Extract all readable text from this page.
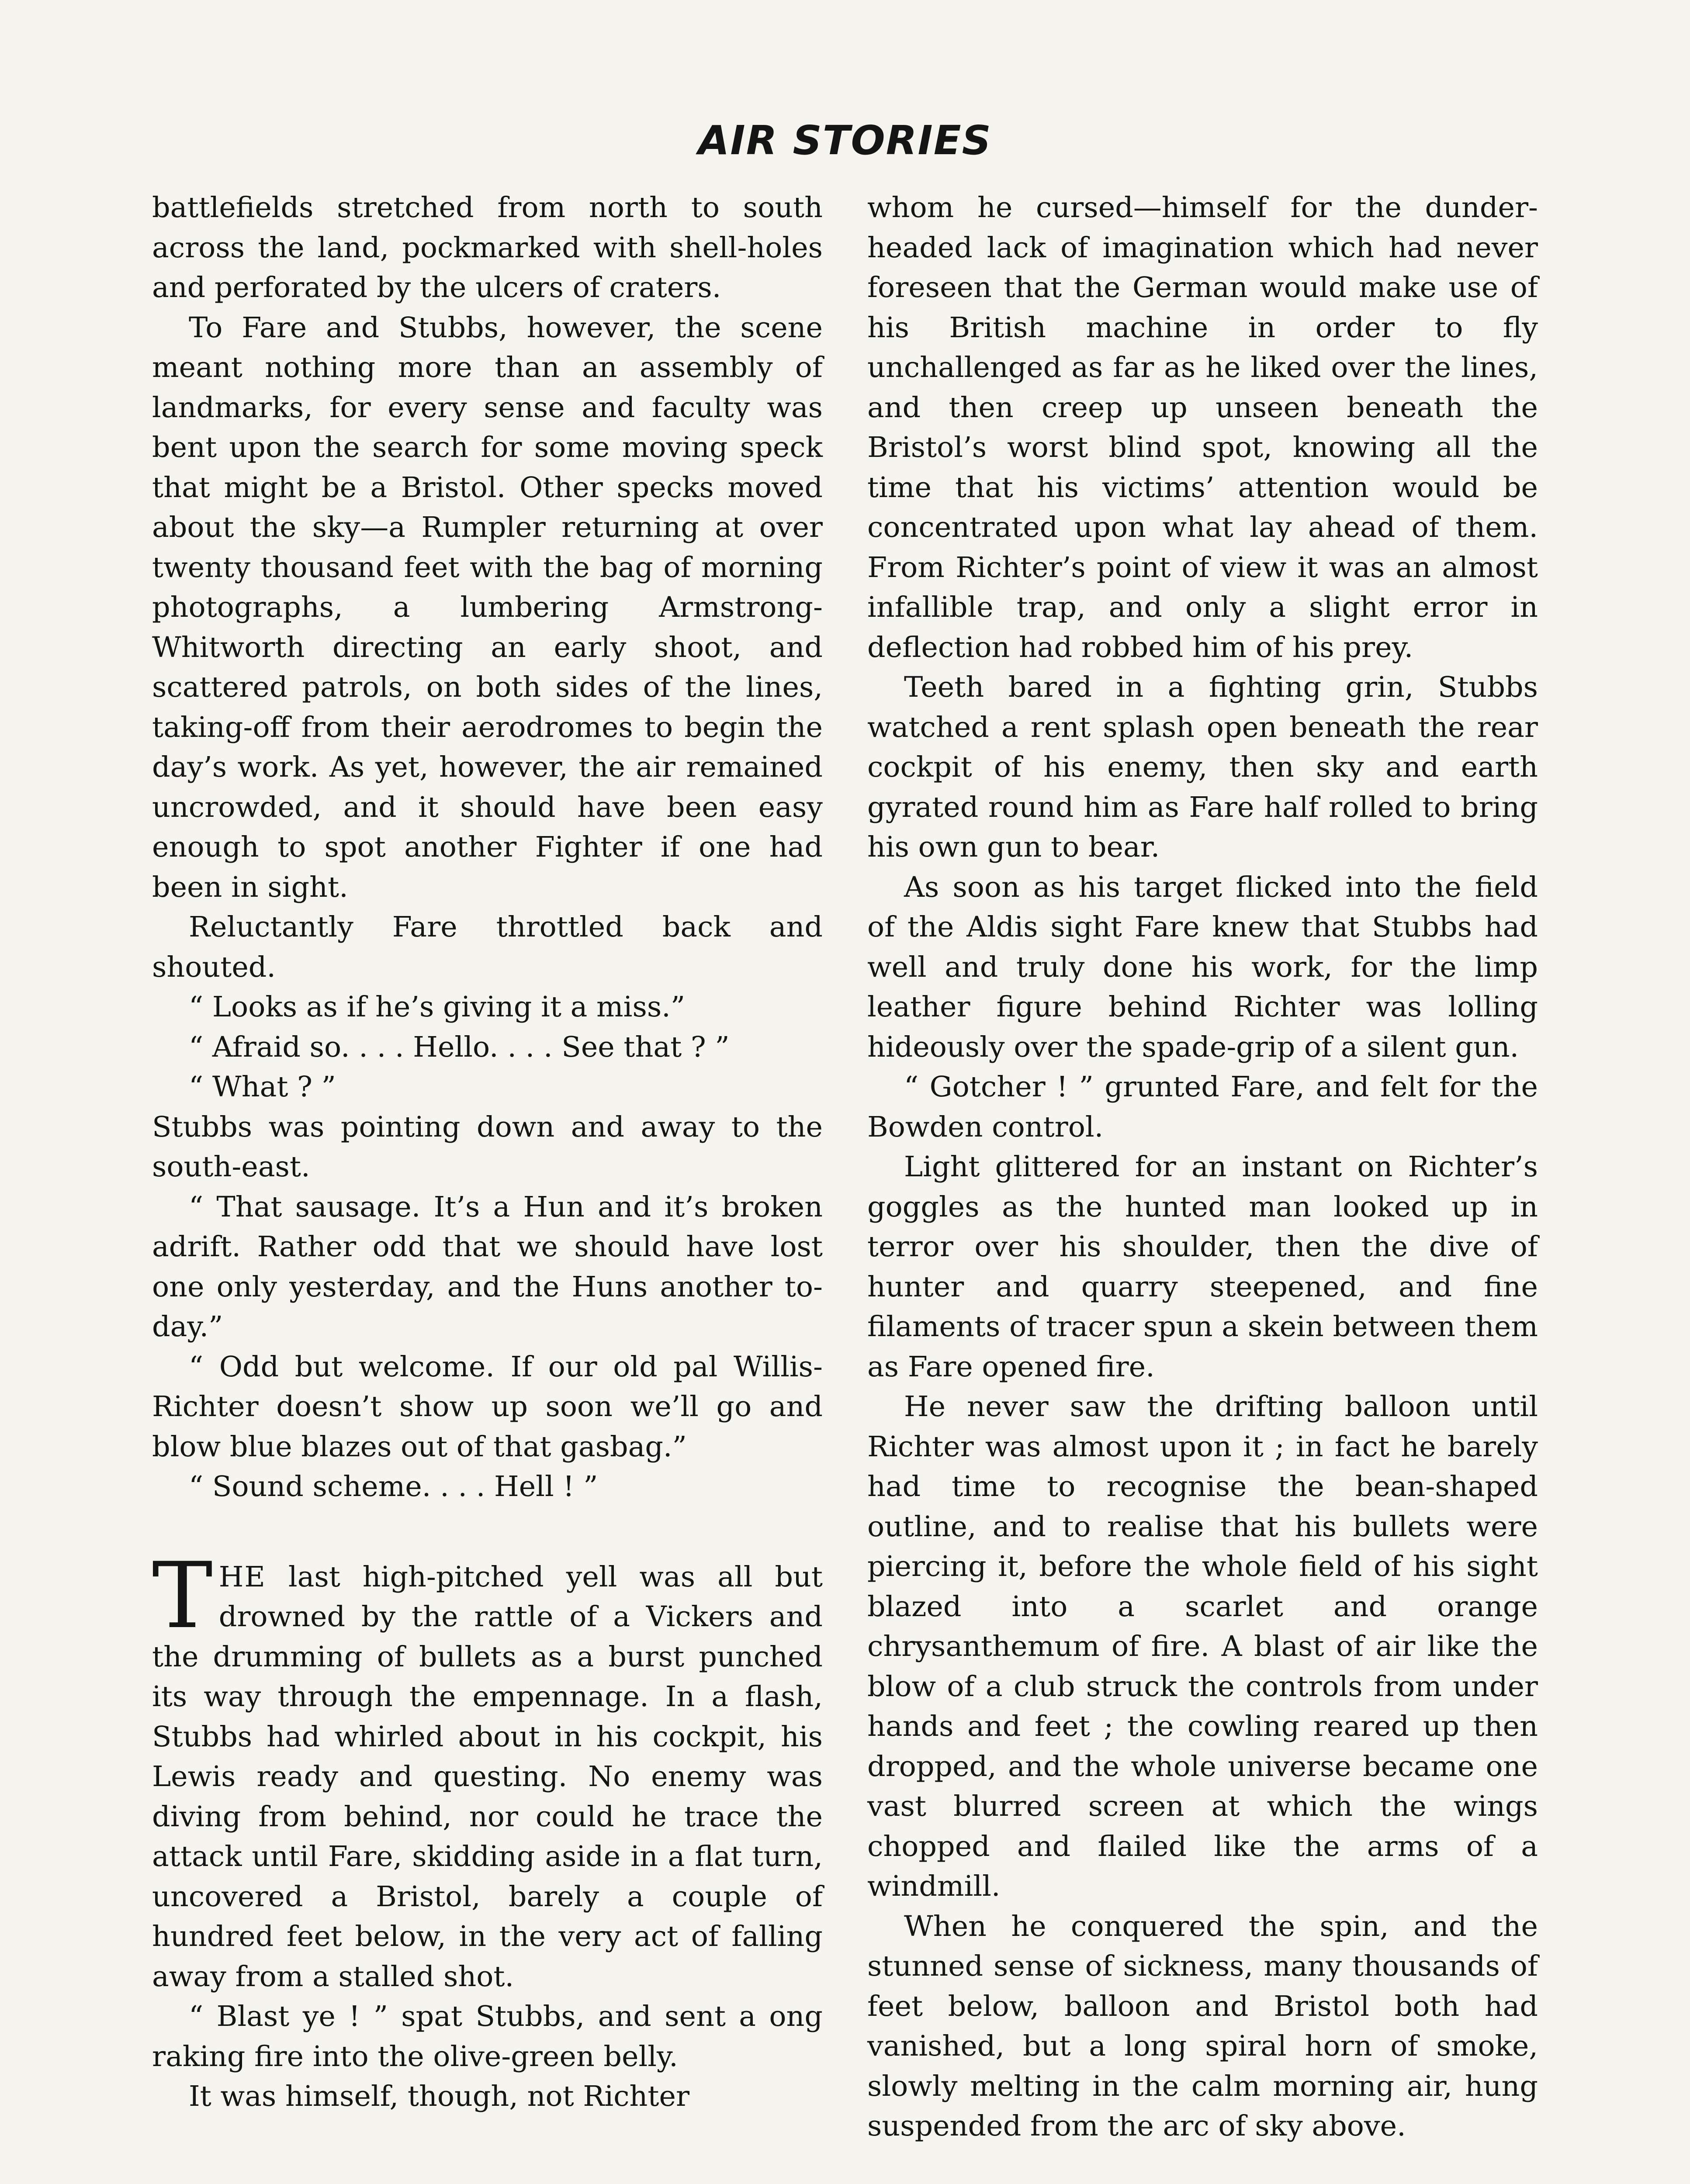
AIR STORIES

battlefields stretched from north to south across the land, pockmarked with shell-holes and perforated by the ulcers of craters.

To Fare and Stubbs, however, the scene meant nothing more than an assembly of landmarks, for every sense and faculty was bent upon the search for some moving speck that might be a Bristol. Other specks moved about the sky—a Rumpler returning at over twenty thousand feet with the bag of morning photographs, a lumbering Armstrong-Whitworth directing an early shoot, and scattered patrols, on both sides of the lines, taking-off from their aerodromes to begin the day’s work. As yet, however, the air remained uncrowded, and it should have been easy enough to spot another Fighter if one had been in sight.

Reluctantly Fare throttled back and shouted.

“ Looks as if he’s giving it a miss.”

“ Afraid so. . . . Hello. . . . See that ? ”

“ What ? ”

Stubbs was pointing down and away to the south-east.

“ That sausage. It’s a Hun and it’s broken adrift. Rather odd that we should have lost one only yesterday, and the Huns another to-day.”

“ Odd but welcome. If our old pal Willis-Richter doesn’t show up soon we’ll go and blow blue blazes out of that gasbag.”

“ Sound scheme. . . . Hell ! ”

THE last high-pitched yell was all but drowned by the rattle of a Vickers and the drumming of bullets as a burst punched its way through the empennage. In a flash, Stubbs had whirled about in his cockpit, his Lewis ready and questing. No enemy was diving from behind, nor could he trace the attack until Fare, skidding aside in a flat turn, uncovered a Bristol, barely a couple of hundred feet below, in the very act of falling away from a stalled shot.

“ Blast ye ! ” spat Stubbs, and sent a ong raking fire into the olive-green belly.

It was himself, though, not Richter

whom he cursed—himself for the dunder-headed lack of imagination which had never foreseen that the German would make use of his British machine in order to fly unchallenged as far as he liked over the lines, and then creep up unseen beneath the Bristol’s worst blind spot, knowing all the time that his victims’ attention would be concentrated upon what lay ahead of them. From Richter’s point of view it was an almost infallible trap, and only a slight error in deflection had robbed him of his prey.

Teeth bared in a fighting grin, Stubbs watched a rent splash open beneath the rear cockpit of his enemy, then sky and earth gyrated round him as Fare half rolled to bring his own gun to bear.

As soon as his target flicked into the field of the Aldis sight Fare knew that Stubbs had well and truly done his work, for the limp leather figure behind Richter was lolling hideously over the spade-grip of a silent gun.

“ Gotcher ! ” grunted Fare, and felt for the Bowden control.

Light glittered for an instant on Richter’s goggles as the hunted man looked up in terror over his shoulder, then the dive of hunter and quarry steepened, and fine filaments of tracer spun a skein between them as Fare opened fire.

He never saw the drifting balloon until Richter was almost upon it ; in fact he barely had time to recognise the bean-shaped outline, and to realise that his bullets were piercing it, before the whole field of his sight blazed into a scarlet and orange chrysanthemum of fire. A blast of air like the blow of a club struck the controls from under hands and feet ; the cowling reared up then dropped, and the whole universe became one vast blurred screen at which the wings chopped and flailed like the arms of a windmill.

When he conquered the spin, and the stunned sense of sickness, many thousands of feet below, balloon and Bristol both had vanished, but a long spiral horn of smoke, slowly melting in the calm morning air, hung suspended from the arc of sky above.
